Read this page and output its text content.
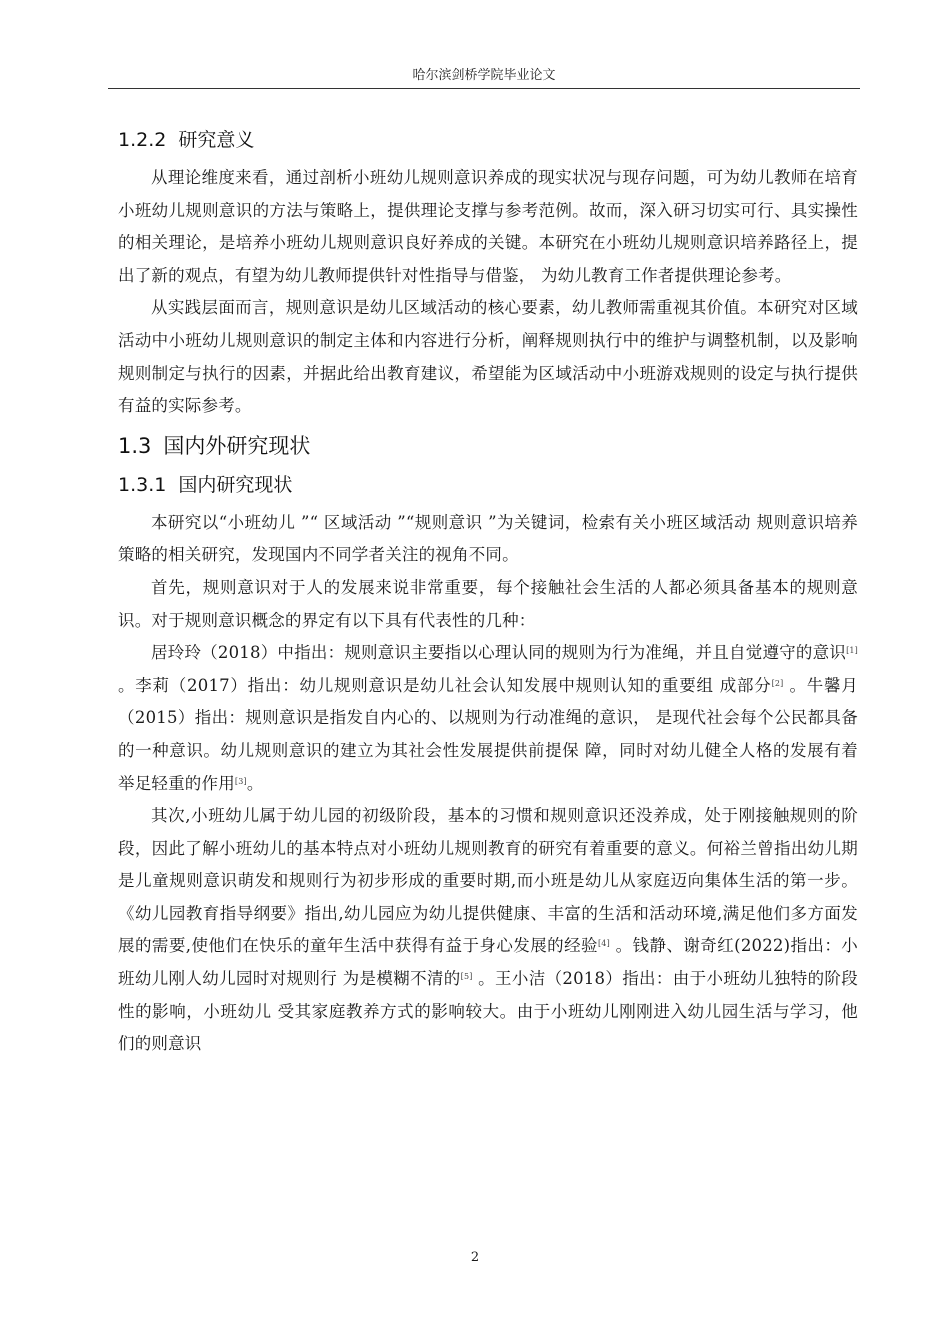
哈尔滨剑桥学院毕业论文
1.2.2 研究意义

从理论维度来看，通过剖析小班幼儿规则意识养成的现实状况与现存问题，可为幼儿教师在培育小班幼儿规则意识的方法与策略上，提供理论支撑与参考范例。故而，深入研习切实可行、具实操性的相关理论，是培养小班幼儿规则意识良好养成的关键。本研究在小班幼儿规则意识培养路径上，提出了新的观点，有望为幼儿教师提供针对性指导与借鉴， 为幼儿教育工作者提供理论参考。

从实践层面而言，规则意识是幼儿区域活动的核心要素，幼儿教师需重视其价值。本研究对区域活动中小班幼儿规则意识的制定主体和内容进行分析，阐释规则执行中的维护与调整机制，以及影响规则制定与执行的因素，并据此给出教育建议，希望能为区域活动中小班游戏规则的设定与执行提供有益的实际参考。

1.3 国内外研究现状
1.3.1 国内研究现状

本研究以“小班幼儿 ”“ 区域活动 ”“规则意识 ”为关键词，检索有关小班区域活动 规则意识培养策略的相关研究，发现国内不同学者关注的视角不同。

首先，规则意识对于人的发展来说非常重要，每个接触社会生活的人都必须具备基本的规则意识。对于规则意识概念的界定有以下具有代表性的几种：

居玲玲（2018）中指出：规则意识主要指以心理认同的规则为行为准绳，并且自觉遵守的意识[1] 。李莉（2017）指出：幼儿规则意识是幼儿社会认知发展中规则认知的重要组 成部分[2] 。牛馨月（2015）指出：规则意识是指发自内心的、以规则为行动准绳的意识， 是现代社会每个公民都具备的一种意识。幼儿规则意识的建立为其社会性发展提供前提保 障，同时对幼儿健全人格的发展有着举足轻重的作用[3]。

其次,小班幼儿属于幼儿园的初级阶段，基本的习惯和规则意识还没养成，处于刚接触规则的阶段，因此了解小班幼儿的基本特点对小班幼儿规则教育的研究有着重要的意义。何裕兰曾指出幼儿期是儿童规则意识萌发和规则行为初步形成的重要时期,而小班是幼儿从家庭迈向集体生活的第一步。《幼儿园教育指导纲要》指出,幼儿园应为幼儿提供健康、丰富的生活和活动环境,满足他们多方面发展的需要,使他们在快乐的童年生活中获得有益于身心发展的经验[4] 。钱静、谢奇红(2022)指出：小班幼儿刚人幼儿园时对规则行 为是模糊不清的[5] 。王小洁（2018）指出：由于小班幼儿独特的阶段性的影响，小班幼儿 受其家庭教养方式的影响较大。由于小班幼儿刚刚进入幼儿园生活与学习，他们的则意识

2
